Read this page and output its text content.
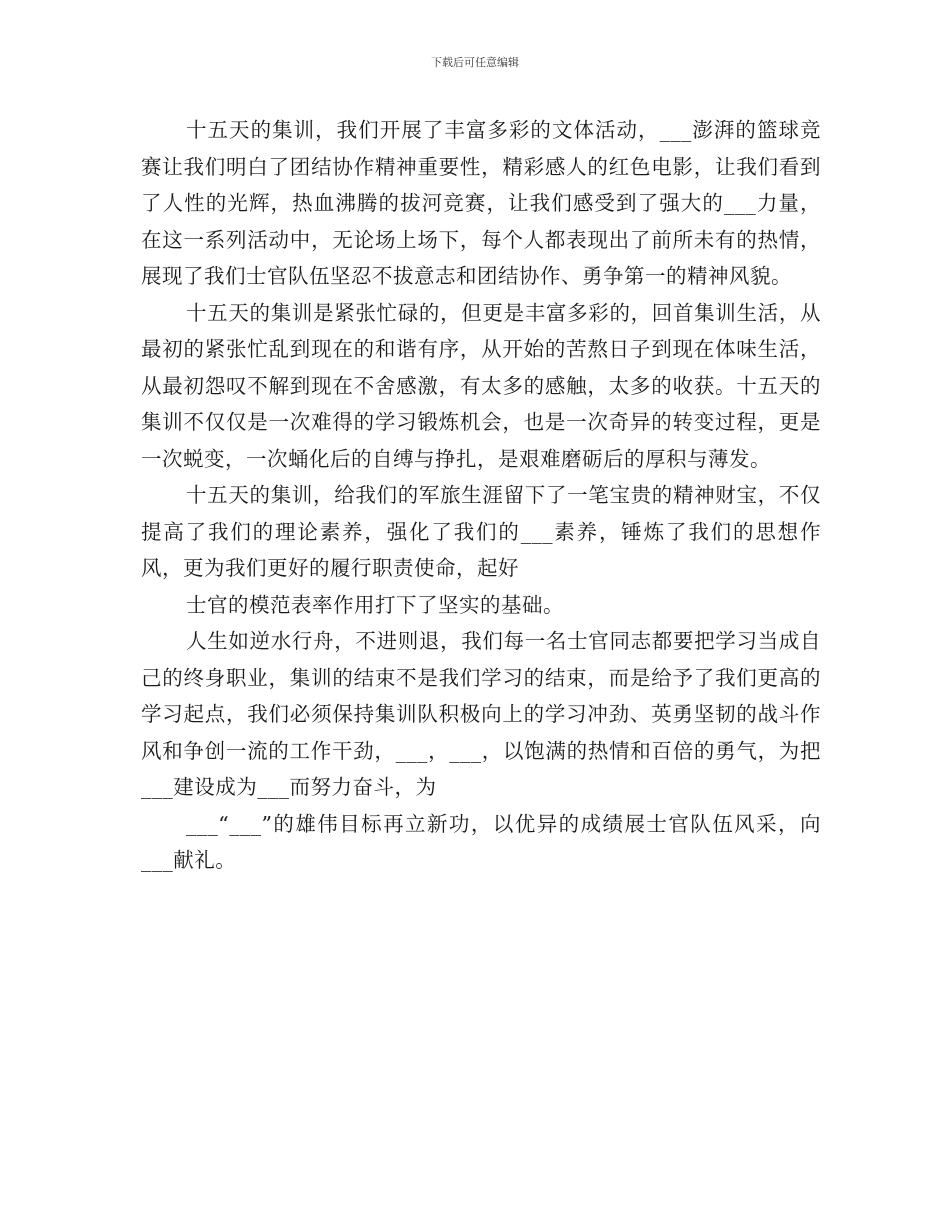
下载后可任意编辑

十五天的集训，我们开展了丰富多彩的文体活动，___澎湃的篮球竞赛让我们明白了团结协作精神重要性，精彩感人的红色电影，让我们看到了人性的光辉，热血沸腾的拔河竞赛，让我们感受到了强大的___力量，在这一系列活动中，无论场上场下，每个人都表现出了前所未有的热情，展现了我们士官队伍坚忍不拔意志和团结协作、勇争第一的精神风貌。

十五天的集训是紧张忙碌的，但更是丰富多彩的，回首集训生活，从最初的紧张忙乱到现在的和谐有序，从开始的苦熬日子到现在体味生活，从最初怨叹不解到现在不舍感激，有太多的感触，太多的收获。十五天的集训不仅仅是一次难得的学习锻炼机会，也是一次奇异的转变过程，更是一次蜕变，一次蛹化后的自缚与挣扎，是艰难磨砺后的厚积与薄发。

十五天的集训，给我们的军旅生涯留下了一笔宝贵的精神财宝，不仅提高了我们的理论素养，强化了我们的___素养，锤炼了我们的思想作风，更为我们更好的履行职责使命，起好

士官的模范表率作用打下了坚实的基础。

人生如逆水行舟，不进则退，我们每一名士官同志都要把学习当成自己的终身职业，集训的结束不是我们学习的结束，而是给予了我们更高的学习起点，我们必须保持集训队积极向上的学习冲劲、英勇坚韧的战斗作风和争创一流的工作干劲，___，___，以饱满的热情和百倍的勇气，为把___建设成为___而努力奋斗，为

___“___”的雄伟目标再立新功，以优异的成绩展士官队伍风采，向___献礼。
